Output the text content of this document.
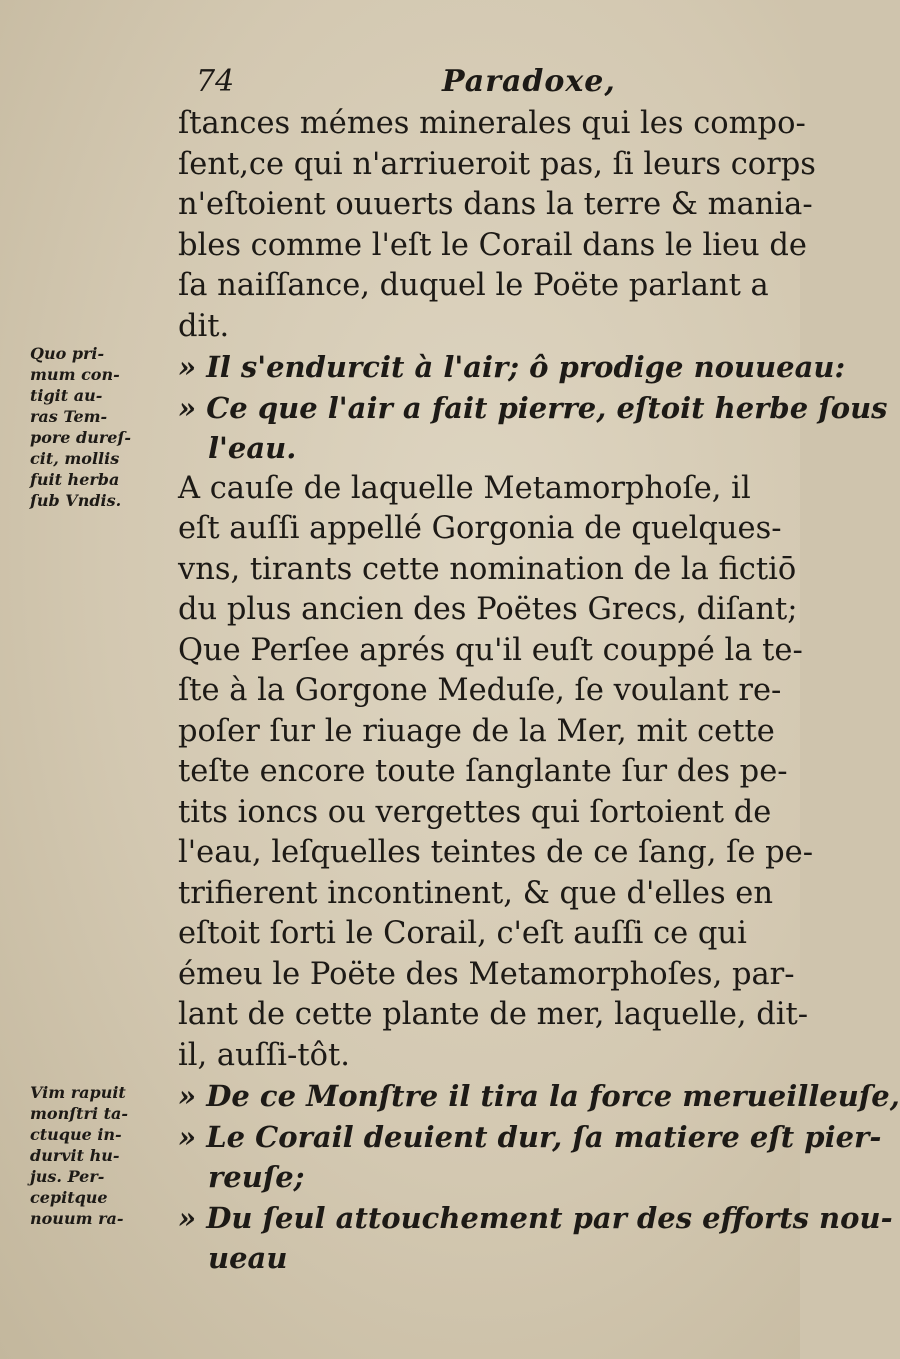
74	Paradoxe,
ſtances mémes minerales qui les compo-
ſent,ce qui n'arriueroit pas, ſi leurs corps
n'eſtoient ouuerts dans la terre & mania-
bles comme l'eſt le Corail dans le lieu de
ſa naiſſance, duquel le Poëte parlant a
dit.
» Il s'endurcit à l'air; ô prodige nouueau:
» Ce que l'air a fait pierre, eſtoit herbe ſous
l'eau.
A cauſe de laquelle Metamorphoſe, il
eſt auſſi appellé Gorgonia de quelques-
vns, tirants cette nomination de la fictiō
du plus ancien des Poëtes Grecs, diſant;
Que Perſee aprés qu'il euſt couppé la te-
ſte à la Gorgone Meduſe, ſe voulant re-
poſer ſur le riuage de la Mer, mit cette
teſte encore toute ſanglante ſur des pe-
tits ioncs ou vergettes qui ſortoient de
l'eau, leſquelles teintes de ce ſang, ſe pe-
trifierent incontinent, & que d'elles en
eſtoit ſorti le Corail, c'eſt auſſi ce qui
émeu le Poëte des Metamorphoſes, par-
lant de cette plante de mer, laquelle, dit-
il, auſſi-tôt.
» De ce Monſtre il tira la force merueilleuſe,
» Le Corail deuient dur, ſa matiere eſt pier-
reuſe;
» Du ſeul attouchement par des efforts nou-
ueau
Quo pri-
mum con-
tigit au-
ras Tem-
pore dureſ-
cit, mollis
fuit herba
ſub Vndis.
Vim rapuit
monſtri ta-
ctuque in-
durvit hu-
jus. Per-
cepitque
nouum ra-
